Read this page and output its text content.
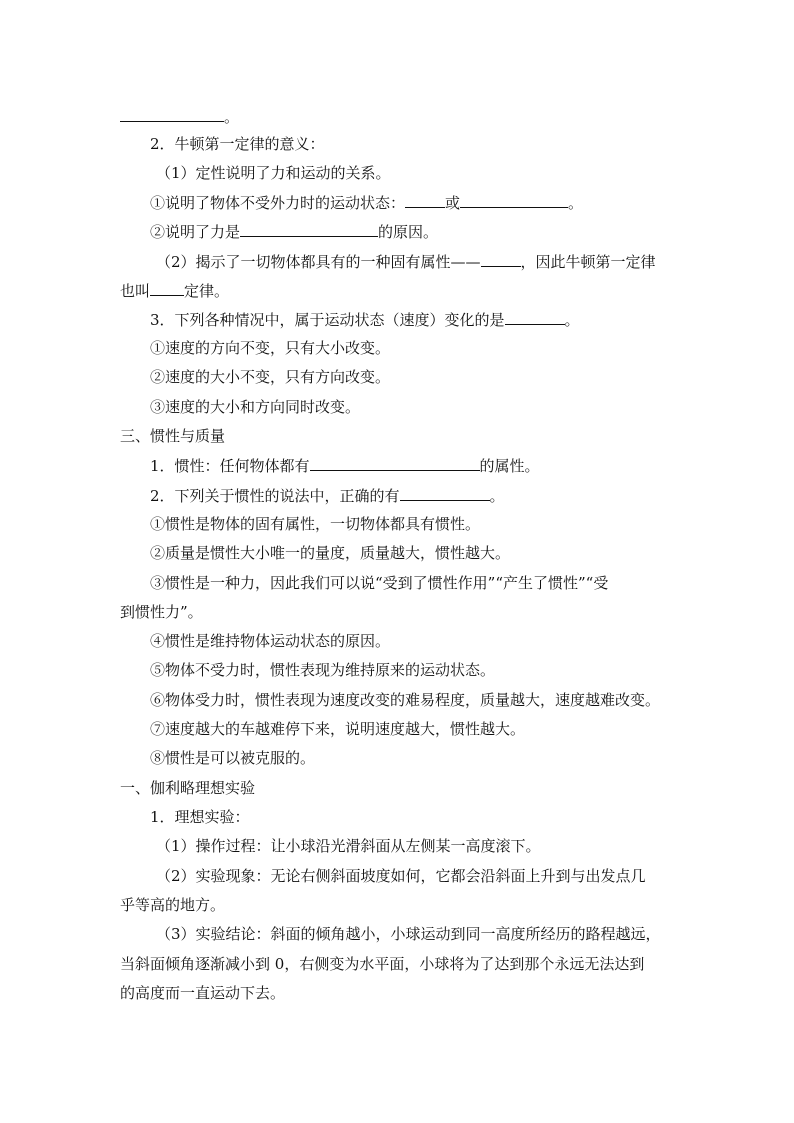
。
2．牛顿第一定律的意义：
（1）定性说明了力和运动的关系。
①说明了物体不受外力时的运动状态：	或	。
②说明了力是	的原因。
（2）揭示了一切物体都具有的一种固有属性——	，因此牛顿第一定律
也叫 定律。
3．下列各种情况中，属于运动状态（速度）变化的是	。
①速度的方向不变，只有大小改变。
②速度的大小不变，只有方向改变。
③速度的大小和方向同时改变。
三、惯性与质量
1．惯性：任何物体都有	的属性。
2．下列关于惯性的说法中，正确的有	。
①惯性是物体的固有属性，一切物体都具有惯性。
②质量是惯性大小唯一的量度，质量越大，惯性越大。
③惯性是一种力，因此我们可以说“受到了惯性作用”“产生了惯性”“受
到惯性力”。
④惯性是维持物体运动状态的原因。
⑤物体不受力时，惯性表现为维持原来的运动状态。
⑥物体受力时，惯性表现为速度改变的难易程度，质量越大，速度越难改变。
⑦速度越大的车越难停下来，说明速度越大，惯性越大。
⑧惯性是可以被克服的。
一、伽利略理想实验
1．理想实验：
（1）操作过程：让小球沿光滑斜面从左侧某一高度滚下。
（2）实验现象：无论右侧斜面坡度如何，它都会沿斜面上升到与出发点几
乎等高的地方。
（3）实验结论：斜面的倾角越小，小球运动到同一高度所经历的路程越远，
当斜面倾角逐渐减小到 0，右侧变为水平面，小球将为了达到那个永远无法达到
的高度而一直运动下去。
